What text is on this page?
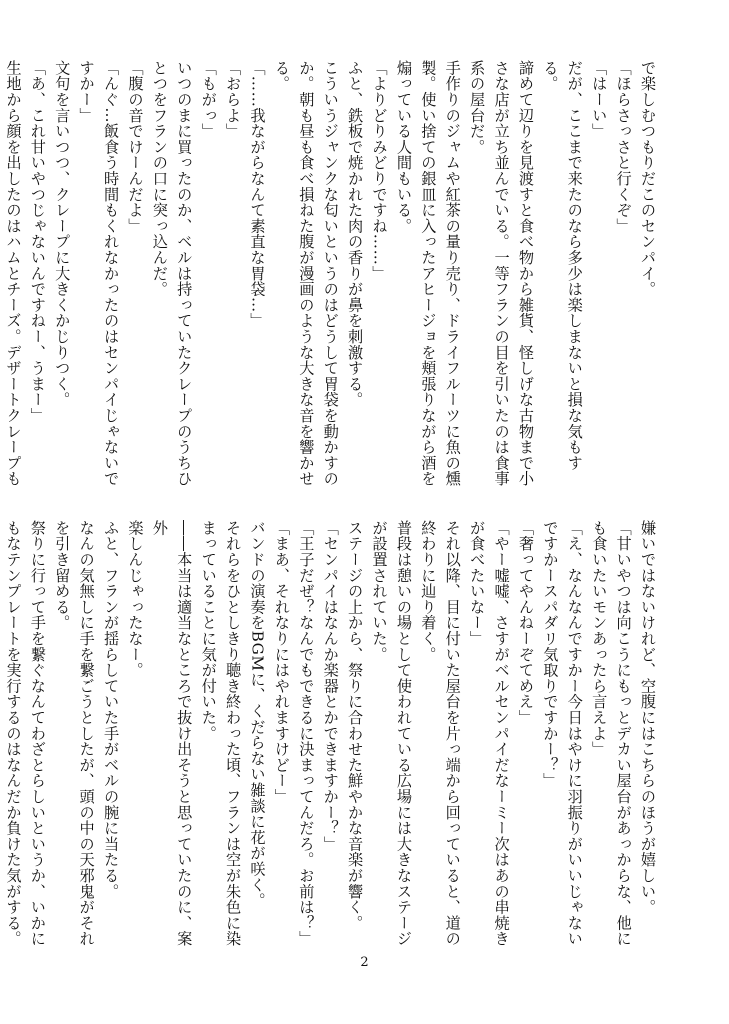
で楽しむつもりだこのセンパイ。

「ほらさっさと行くぞ」

「はーい」

だが、ここまで来たのなら多少は楽しまないと損な気もする。

諦めて辺りを見渡すと食べ物から雑貨、怪しげな古物まで小

さな店が立ち並んでいる。一等フランの目を引いたのは食事

系の屋台だ。

手作りのジャムや紅茶の量り売り、ドライフルーツに魚の燻

製。使い捨ての銀皿に入ったアヒージョを頬張りながら酒を

煽っている人間もいる。

「よりどりみどりですね……」

ふと、鉄板で焼かれた肉の香りが鼻を刺激する。

こういうジャンクな匂いというのはどうして胃袋を動かすの

か。朝も昼も食べ損ねた腹が漫画のような大きな音を響かせ

る。

「……我ながらなんて素直な胃袋…」

「おらよ」

「もがっ」

いつのまに買ったのか、ベルは持っていたクレープのうちひ

とつをフランの口に突っ込んだ。

「腹の音でけーんだよ」

「んぐ…飯食う時間もくれなかったのはセンパイじゃないで

すかー」

文句を言いつつ、クレープに大きくかじりつく。

「あ、これ甘いやつじゃないんですねー、うまー」

生地から顔を出したのはハムとチーズ。デザートクレープも

嫌いではないけれど、空腹にはこちらのほうが嬉しい。

「甘いやつは向こうにもっとデカい屋台があっからな、他に

も食いたいモンあったら言えよ」

「え、なんなんですかー今日はやけに羽振りがいいじゃない

ですかースパダリ気取りですかー？」

「奢ってやんねーぞてめえ」

「やー嘘嘘、さすがベルセンパイだなーミー次はあの串焼き

が食べたいなー」

それ以降、目に付いた屋台を片っ端から回っていると、道の

終わりに辿り着く。

普段は憩いの場として使われている広場には大きなステージ

が設置されていた。

ステージの上から、祭りに合わせた鮮やかな音楽が響く。

「センパイはなんか楽器とかできますかー？」

「王子だぜ？なんでもできるに決まってんだろ。お前は？」

「まあ、それなりにはやれますけどー」

バンドの演奏をBGMに、くだらない雑談に花が咲く。

それらをひとしきり聴き終わった頃、フランは空が朱色に染

まっていることに気が付いた。

――本当は適当なところで抜け出そうと思っていたのに、案外

楽しんじゃったなー。

ふと、フランが揺らしていた手がベルの腕に当たる。

なんの気無しに手を繋ごうとしたが、頭の中の天邪鬼がそれ

を引き留める。

祭りに行って手を繋ぐなんてわざとらしいというか、いかに

もなテンプレートを実行するのはなんだか負けた気がする。

2
